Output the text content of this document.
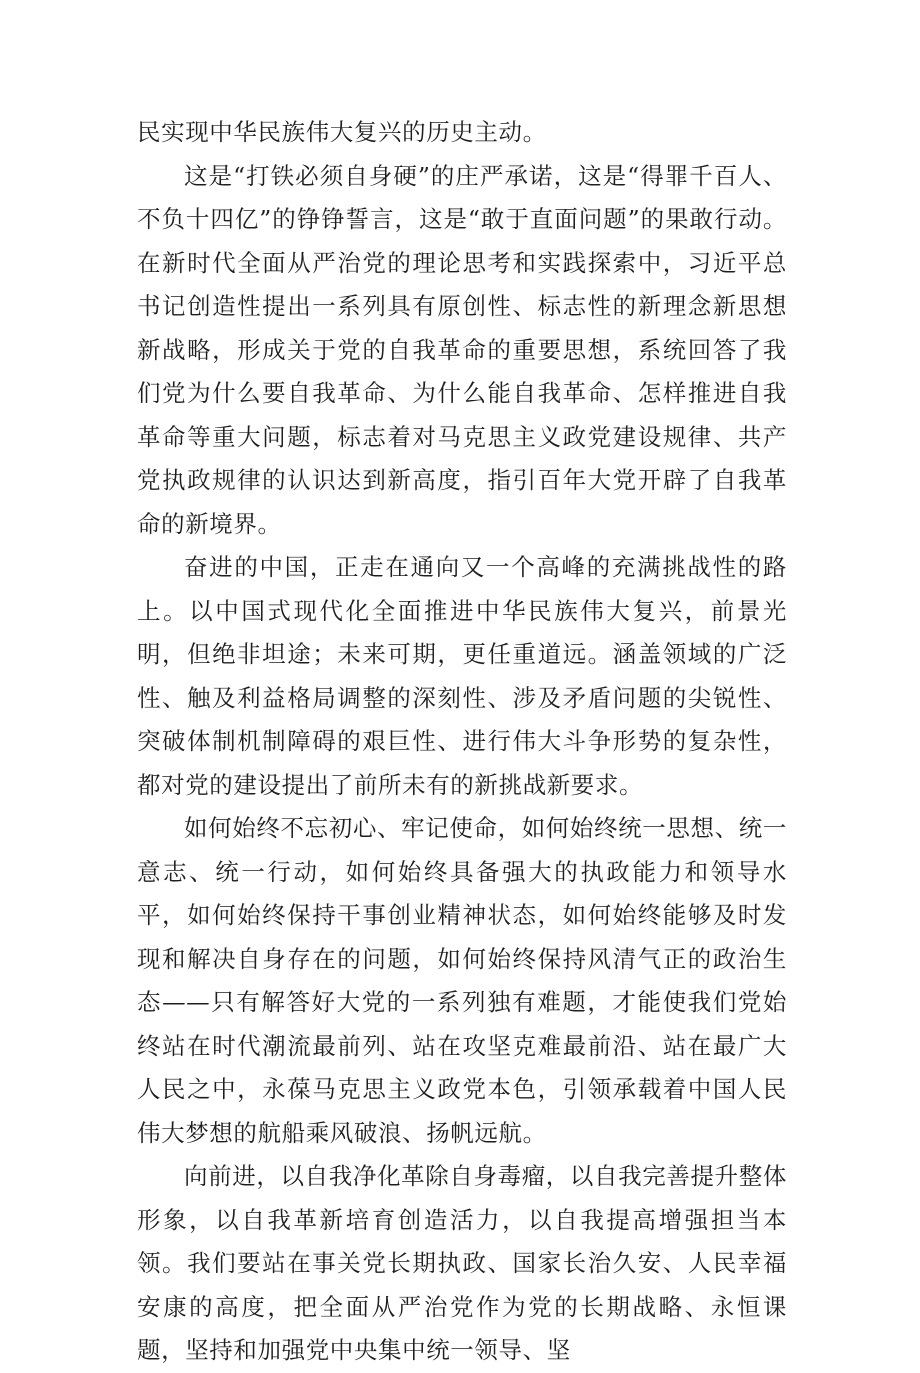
民实现中华民族伟大复兴的历史主动。

这是“打铁必须自身硬”的庄严承诺，这是“得罪千百人、不负十四亿”的铮铮誓言，这是“敢于直面问题”的果敢行动。在新时代全面从严治党的理论思考和实践探索中，习近平总书记创造性提出一系列具有原创性、标志性的新理念新思想新战略，形成关于党的自我革命的重要思想，系统回答了我们党为什么要自我革命、为什么能自我革命、怎样推进自我革命等重大问题，标志着对马克思主义政党建设规律、共产党执政规律的认识达到新高度，指引百年大党开辟了自我革命的新境界。

奋进的中国，正走在通向又一个高峰的充满挑战性的路上。以中国式现代化全面推进中华民族伟大复兴，前景光明，但绝非坦途；未来可期，更任重道远。涵盖领域的广泛性、触及利益格局调整的深刻性、涉及矛盾问题的尖锐性、突破体制机制障碍的艰巨性、进行伟大斗争形势的复杂性，都对党的建设提出了前所未有的新挑战新要求。

如何始终不忘初心、牢记使命，如何始终统一思想、统一意志、统一行动，如何始终具备强大的执政能力和领导水平，如何始终保持干事创业精神状态，如何始终能够及时发现和解决自身存在的问题，如何始终保持风清气正的政治生态——只有解答好大党的一系列独有难题，才能使我们党始终站在时代潮流最前列、站在攻坚克难最前沿、站在最广大人民之中，永葆马克思主义政党本色，引领承载着中国人民伟大梦想的航船乘风破浪、扬帆远航。

向前进，以自我净化革除自身毒瘤，以自我完善提升整体形象，以自我革新培育创造活力，以自我提高增强担当本领。我们要站在事关党长期执政、国家长治久安、人民幸福安康的高度，把全面从严治党作为党的长期战略、永恒课题，坚持和加强党中央集中统一领导、坚
